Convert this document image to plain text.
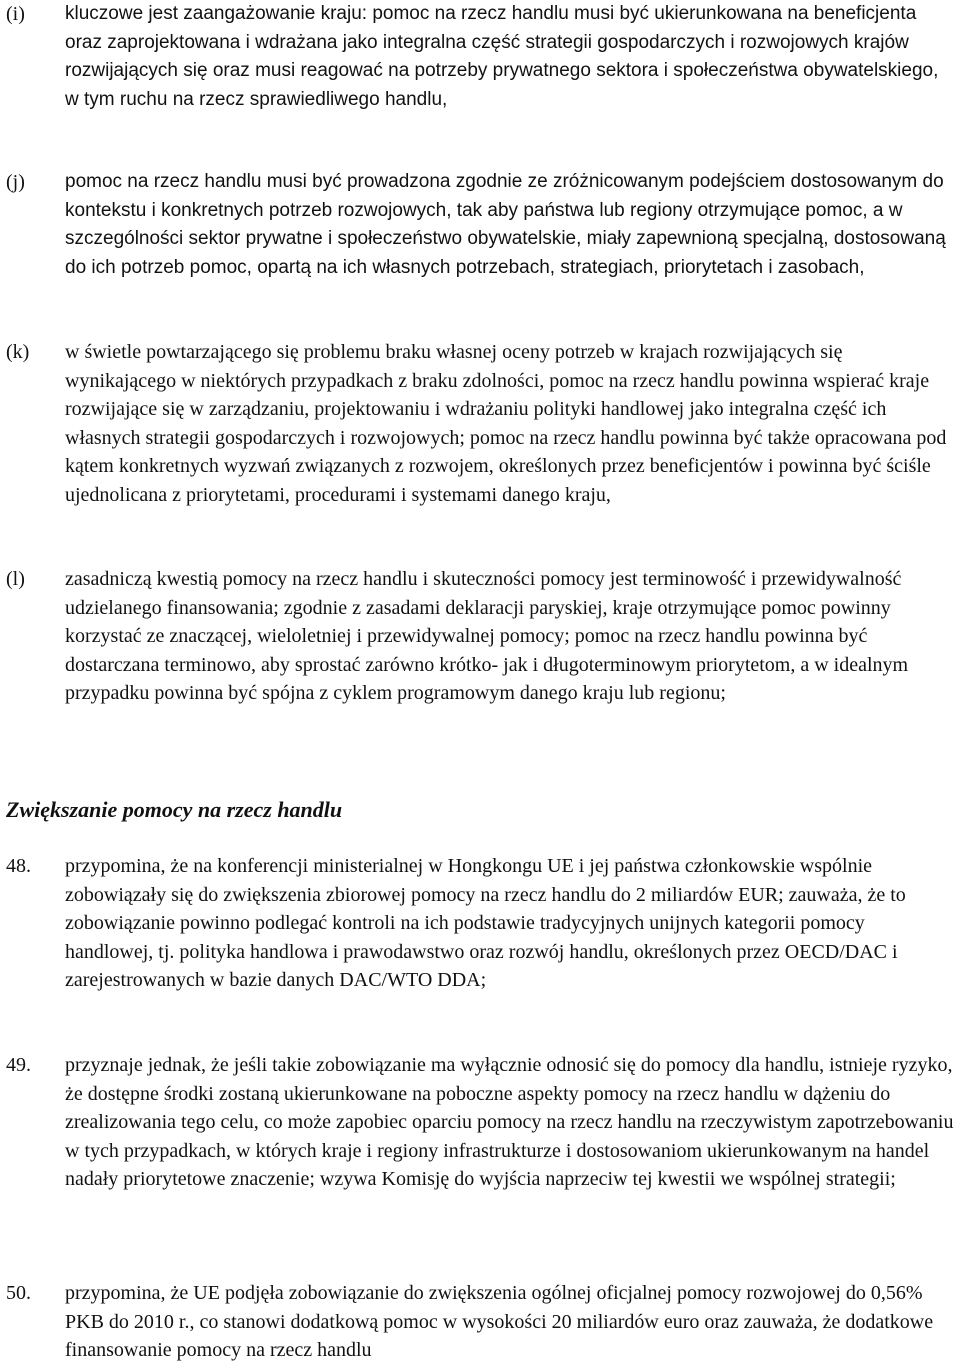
(i) kluczowe jest zaangażowanie kraju: pomoc na rzecz handlu musi być ukierunkowana na beneficjenta oraz zaprojektowana i wdrażana jako integralna część strategii gospodarczych i rozwojowych krajów rozwijających się oraz musi reagować na potrzeby prywatnego sektora i społeczeństwa obywatelskiego, w tym ruchu na rzecz sprawiedliwego handlu,
(j) pomoc na rzecz handlu musi być prowadzona zgodnie ze zróżnicowanym podejściem dostosowanym do kontekstu i konkretnych potrzeb rozwojowych, tak aby państwa lub regiony otrzymujące pomoc, a w szczególności sektor prywatne i społeczeństwo obywatelskie, miały zapewnioną specjalną, dostosowaną do ich potrzeb pomoc, opartą na ich własnych potrzebach, strategiach, priorytetach i zasobach,
(k) w świetle powtarzającego się problemu braku własnej oceny potrzeb w krajach rozwijających się wynikającego w niektórych przypadkach z braku zdolności, pomoc na rzecz handlu powinna wspierać kraje rozwijające się w zarządzaniu, projektowaniu i wdrażaniu polityki handlowej jako integralna część ich własnych strategii gospodarczych i rozwojowych; pomoc na rzecz handlu powinna być także opracowana pod kątem konkretnych wyzwań związanych z rozwojem, określonych przez beneficjentów i powinna być ściśle ujednolicana z priorytetami, procedurami i systemami danego kraju,
(l) zasadniczą kwestią pomocy na rzecz handlu i skuteczności pomocy jest terminowość i przewidywalność udzielanego finansowania; zgodnie z zasadami deklaracji paryskiej, kraje otrzymujące pomoc powinny korzystać ze znaczącej, wieloletniej i przewidywalnej pomocy; pomoc na rzecz handlu powinna być dostarczana terminowo, aby sprostać zarówno krótko- jak i długoterminowym priorytetom, a w idealnym przypadku powinna być spójna z cyklem programowym danego kraju lub regionu;
Zwiększanie pomocy na rzecz handlu
48. przypomina, że na konferencji ministerialnej w Hongkongu UE i jej państwa członkowskie wspólnie zobowiązały się do zwiększenia zbiorowej pomocy na rzecz handlu do 2 miliardów EUR; zauważa, że to zobowiązanie powinno podlegać kontroli na ich podstawie tradycyjnych unijnych kategorii pomocy handlowej, tj. polityka handlowa i prawodawstwo oraz rozwój handlu, określonych przez OECD/DAC i zarejestrowanych w bazie danych DAC/WTO DDA;
49. przyznaje jednak, że jeśli takie zobowiązanie ma wyłącznie odnosić się do pomocy dla handlu, istnieje ryzyko, że dostępne środki zostaną ukierunkowane na poboczne aspekty pomocy na rzecz handlu w dążeniu do zrealizowania tego celu, co może zapobiec oparciu pomocy na rzecz handlu na rzeczywistym zapotrzebowaniu w tych przypadkach, w których kraje i regiony infrastrukturze i dostosowaniom ukierunkowanym na handel nadały priorytetowe znaczenie; wzywa Komisję do wyjścia naprzeciw tej kwestii we wspólnej strategii;
50. przypomina, że UE podjęła zobowiązanie do zwiększenia ogólnej oficjalnej pomocy rozwojowej do 0,56% PKB do 2010 r., co stanowi dodatkową pomoc w wysokości 20 miliardów euro oraz zauważa, że dodatkowe finansowanie pomocy na rzecz handlu
